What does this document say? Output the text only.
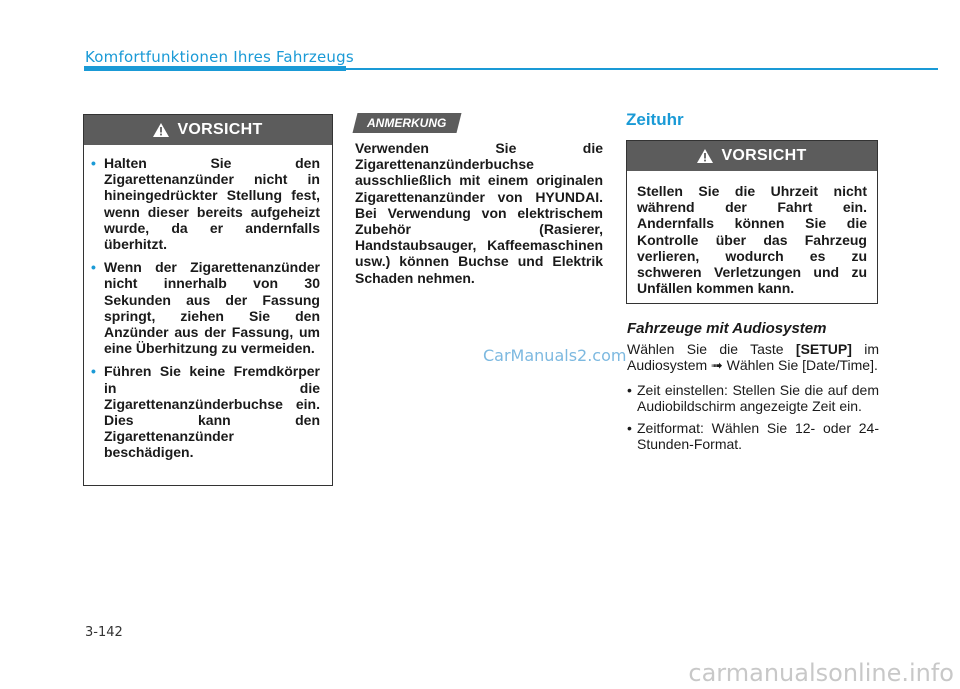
Komfortfunktionen Ihres Fahrzeugs
VORSICHT
• Halten Sie den Zigarettenanzünder nicht in hineingedrückter Stellung fest, wenn dieser bereits aufgeheizt wurde, da er andernfalls überhitzt.
• Wenn der Zigarettenanzünder nicht innerhalb von 30 Sekunden aus der Fassung springt, ziehen Sie den Anzünder aus der Fassung, um eine Überhitzung zu vermeiden.
• Führen Sie keine Fremdkörper in die Zigarettenanzünderbuchse ein. Dies kann den Zigarettenanzünder beschädigen.
ANMERKUNG
Verwenden Sie die Zigarettenanzünderbuchse ausschließlich mit einem originalen Zigarettenanzünder von HYUNDAI. Bei Verwendung von elektrischem Zubehör (Rasierer, Handstaubsauger, Kaffeemaschinen usw.) können Buchse und Elektrik Schaden nehmen.
CarManuals2.com
Zeituhr
VORSICHT
Stellen Sie die Uhrzeit nicht während der Fahrt ein. Andernfalls können Sie die Kontrolle über das Fahrzeug verlieren, wodurch es zu schweren Verletzungen und zu Unfällen kommen kann.
Fahrzeuge mit Audiosystem
Wählen Sie die Taste [SETUP] im Audiosystem ➟ Wählen Sie [Date/Time].
• Zeit einstellen: Stellen Sie die auf dem Audiobildschirm angezeigte Zeit ein.
• Zeitformat: Wählen Sie 12- oder 24-Stunden-Format.
3-142
carmanualsonline.info
